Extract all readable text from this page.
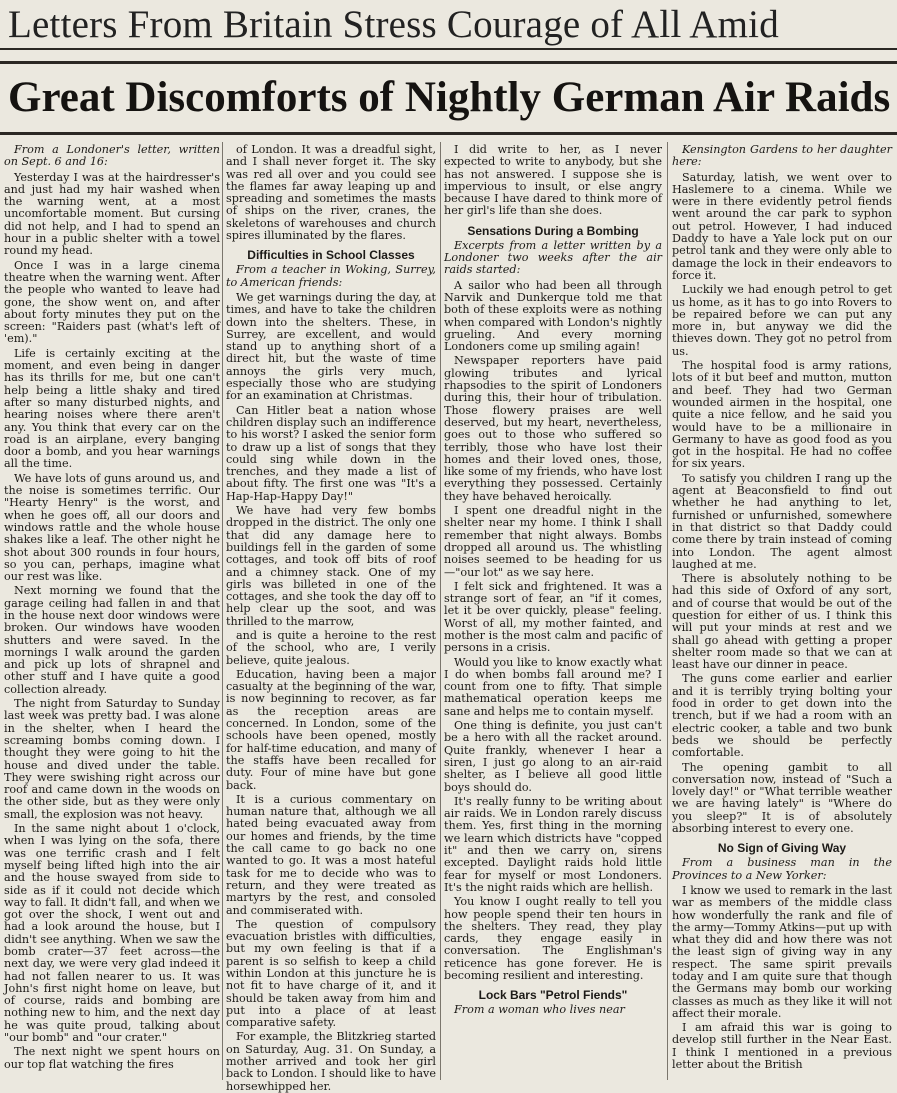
Letters From Britain Stress Courage of All Amid
Great Discomforts of Nightly German Air Raids

From a Londoner's letter, written on Sept. 6 and 16:

Yesterday I was at the hairdresser's and just had my hair washed when the warning went, at a most uncomfortable moment. But cursing did not help, and I had to spend an hour in a public shelter with a towel round my head.

Once I was in a large cinema theatre when the warning went. After the people who wanted to leave had gone, the show went on, and after about forty minutes they put on the screen: "Raiders past (what's left of 'em)."

Life is certainly exciting at the moment, and even being in danger has its thrills for me, but one can't help being a little shaky and tired after so many disturbed nights, and hearing noises where there aren't any. You think that every car on the road is an airplane, every banging door a bomb, and you hear warnings all the time.

We have lots of guns around us, and the noise is sometimes terrific. Our "Hearty Henry" is the worst, and when he goes off, all our doors and windows rattle and the whole house shakes like a leaf. The other night he shot about 300 rounds in four hours, so you can, perhaps, imagine what our rest was like.

Next morning we found that the garage ceiling had fallen in and that in the house next door windows were broken. Our windows have wooden shutters and were saved. In the mornings I walk around the garden and pick up lots of shrapnel and other stuff and I have quite a good collection already.

The night from Saturday to Sunday last week was pretty bad. I was alone in the shelter, when I heard the screaming bombs coming down. I thought they were going to hit the house and dived under the table. They were swishing right across our roof and came down in the woods on the other side, but as they were only small, the explosion was not heavy.

In the same night about 1 o'clock, when I was lying on the sofa, there was one terrific crash and I felt myself being lifted high into the air and the house swayed from side to side as if it could not decide which way to fall. It didn't fall, and when we got over the shock, I went out and had a look around the house, but I didn't see anything. When we saw the bomb crater—37 feet across—the next day, we were very glad indeed it had not fallen nearer to us. It was John's first night home on leave, but of course, raids and bombing are nothing new to him, and the next day he was quite proud, talking about "our bomb" and "our crater."

The next night we spent hours on our top flat watching the fires

of London. It was a dreadful sight, and I shall never forget it. The sky was red all over and you could see the flames far away leaping up and spreading and sometimes the masts of ships on the river, cranes, the skeletons of warehouses and church spires illuminated by the flares.

Difficulties in School Classes

From a teacher in Woking, Surrey, to American friends:

We get warnings during the day, at times, and have to take the children down into the shelters. These, in Surrey, are excellent, and would stand up to anything short of a direct hit, but the waste of time annoys the girls very much, especially those who are studying for an examination at Christmas.

Can Hitler beat a nation whose children display such an indifference to his worst? I asked the senior form to draw up a list of songs that they could sing while down in the trenches, and they made a list of about fifty. The first one was "It's a Hap-Hap-Happy Day!"

We have had very few bombs dropped in the district. The only one that did any damage here to buildings fell in the garden of some cottages, and took off bits of roof and a chimney stack. One of my girls was billeted in one of the cottages, and she took the day off to help clear up the soot, and was thrilled to the marrow,

and is quite a heroine to the rest of the school, who are, I verily believe, quite jealous.

Education, having been a major casualty at the beginning of the war, is now beginning to recover, as far as the reception areas are concerned. In London, some of the schools have been opened, mostly for half-time education, and many of the staffs have been recalled for duty. Four of mine have but gone back.

It is a curious commentary on human nature that, although we all hated being evacuated away from our homes and friends, by the time the call came to go back no one wanted to go. It was a most hateful task for me to decide who was to return, and they were treated as martyrs by the rest, and consoled and commiserated with.

The question of compulsory evacuation bristles with difficulties, but my own feeling is that if a parent is so selfish to keep a child within London at this juncture he is not fit to have charge of it, and it should be taken away from him and put into a place of at least comparative safety.

For example, the Blitzkrieg started on Saturday, Aug. 31. On Sunday, a mother arrived and took her girl back to London. I should like to have horsewhipped her.

I did write to her, as I never expected to write to anybody, but she has not answered. I suppose she is impervious to insult, or else angry because I have dared to think more of her girl's life than she does.

Sensations During a Bombing

Excerpts from a letter written by a Londoner two weeks after the air raids started:

A sailor who had been all through Narvik and Dunkerque told me that both of these exploits were as nothing when compared with London's nightly grueling. And every morning Londoners come up smiling again!

Newspaper reporters have paid glowing tributes and lyrical rhapsodies to the spirit of Londoners during this, their hour of tribulation. Those flowery praises are well deserved, but my heart, nevertheless, goes out to those who suffered so terribly, those who have lost their homes and their loved ones, those, like some of my friends, who have lost everything they possessed. Certainly they have behaved heroically.

I spent one dreadful night in the shelter near my home. I think I shall remember that night always. Bombs dropped all around us. The whistling noises seemed to be heading for us—"our lot" as we say here.

I felt sick and frightened. It was a strange sort of fear, an "if it comes, let it be over quickly, please" feeling. Worst of all, my mother fainted, and mother is the most calm and pacific of persons in a crisis.

Would you like to know exactly what I do when bombs fall around me? I count from one to fifty. That simple mathematical operation keeps me sane and helps me to contain myself.

One thing is definite, you just can't be a hero with all the racket around. Quite frankly, whenever I hear a siren, I just go along to an air-raid shelter, as I believe all good little boys should do.

It's really funny to be writing about air raids. We in London rarely discuss them. Yes, first thing in the morning we learn which districts have "copped it" and then we carry on, sirens excepted. Daylight raids hold little fear for myself or most Londoners. It's the night raids which are hellish.

You know I ought really to tell you how people spend their ten hours in the shelters. They read, they play cards, they engage easily in conversation. The Englishman's reticence has gone forever. He is becoming resilient and interesting.

Lock Bars "Petrol Fiends"

From a woman who lives near

Kensington Gardens to her daughter here:

Saturday, latish, we went over to Haslemere to a cinema. While we were in there evidently petrol fiends went around the car park to syphon out petrol. However, I had induced Daddy to have a Yale lock put on our petrol tank and they were only able to damage the lock in their endeavors to force it.

Luckily we had enough petrol to get us home, as it has to go into Rovers to be repaired before we can put any more in, but anyway we did the thieves down. They got no petrol from us.

The hospital food is army rations, lots of it but beef and mutton, mutton and beef. They had two German wounded airmen in the hospital, one quite a nice fellow, and he said you would have to be a millionaire in Germany to have as good food as you got in the hospital. He had no coffee for six years.

To satisfy you children I rang up the agent at Beaconsfield to find out whether he had anything to let, furnished or unfurnished, somewhere in that district so that Daddy could come there by train instead of coming into London. The agent almost laughed at me.

There is absolutely nothing to be had this side of Oxford of any sort, and of course that would be out of the question for either of us. I think this will put your minds at rest and we shall go ahead with getting a proper shelter room made so that we can at least have our dinner in peace.

The guns come earlier and earlier and it is terribly trying bolting your food in order to get down into the trench, but if we had a room with an electric cooker, a table and two bunk beds we should be perfectly comfortable.

The opening gambit to all conversation now, instead of "Such a lovely day!" or "What terrible weather we are having lately" is "Where do you sleep?" It is of absolutely absorbing interest to every one.

No Sign of Giving Way

From a business man in the Provinces to a New Yorker:

I know we used to remark in the last war as members of the middle class how wonderfully the rank and file of the army—Tommy Atkins—put up with what they did and how there was not the least sign of giving way in any respect. The same spirit prevails today and I am quite sure that though the Germans may bomb our working classes as much as they like it will not affect their morale.

I am afraid this war is going to develop still further in the Near East. I think I mentioned in a previous letter about the British
